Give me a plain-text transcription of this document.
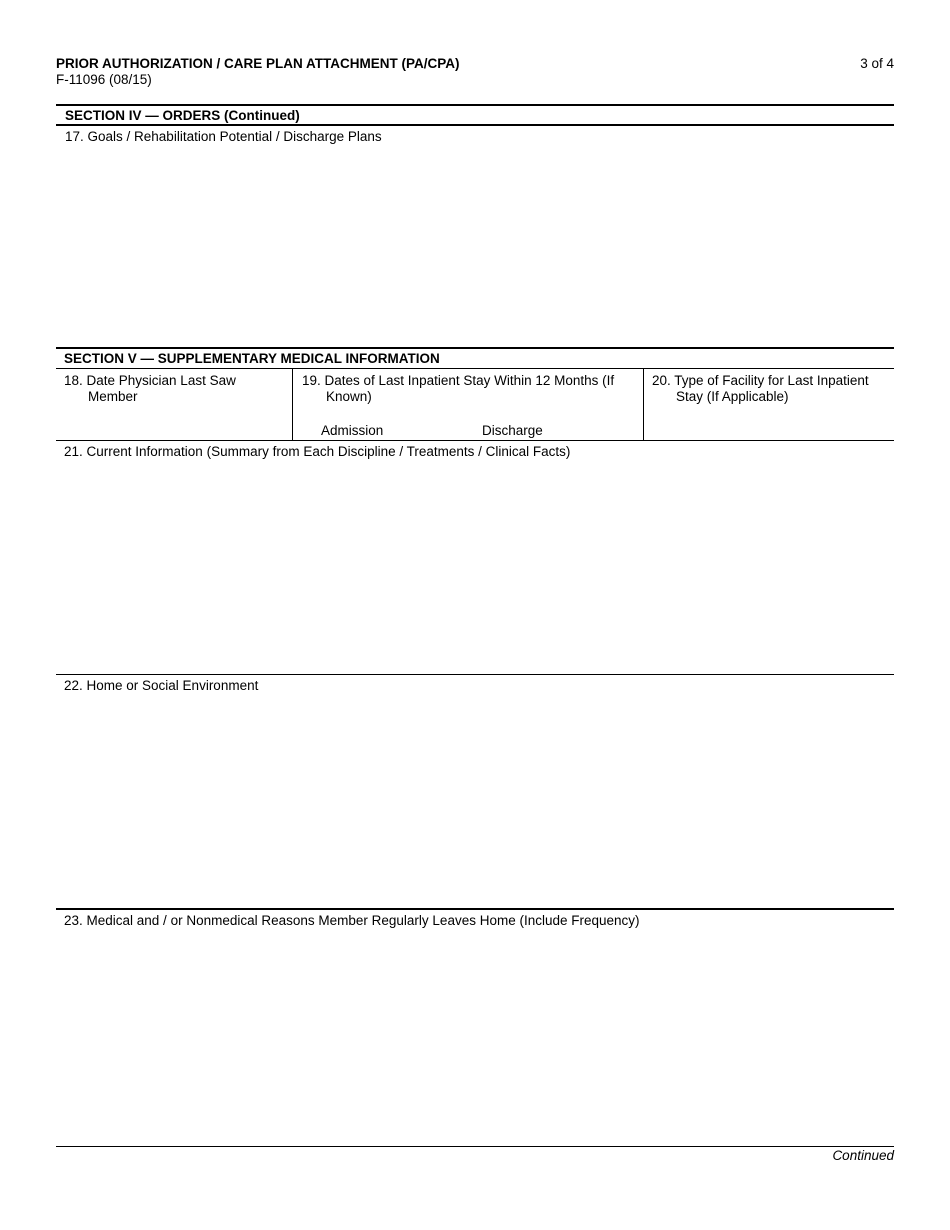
PRIOR AUTHORIZATION / CARE PLAN ATTACHMENT (PA/CPA)
F-11096 (08/15)
3 of 4
SECTION IV — ORDERS (Continued)
17. Goals / Rehabilitation Potential / Discharge Plans
SECTION V — SUPPLEMENTARY MEDICAL INFORMATION
18. Date Physician Last Saw
Member
19. Dates of Last Inpatient Stay Within 12 Months (If
Known)
Admission	Discharge
20. Type of Facility for Last Inpatient
Stay (If Applicable)
21. Current Information (Summary from Each Discipline / Treatments / Clinical Facts)
22. Home or Social Environment
23. Medical and / or Nonmedical Reasons Member Regularly Leaves Home (Include Frequency)
Continued
